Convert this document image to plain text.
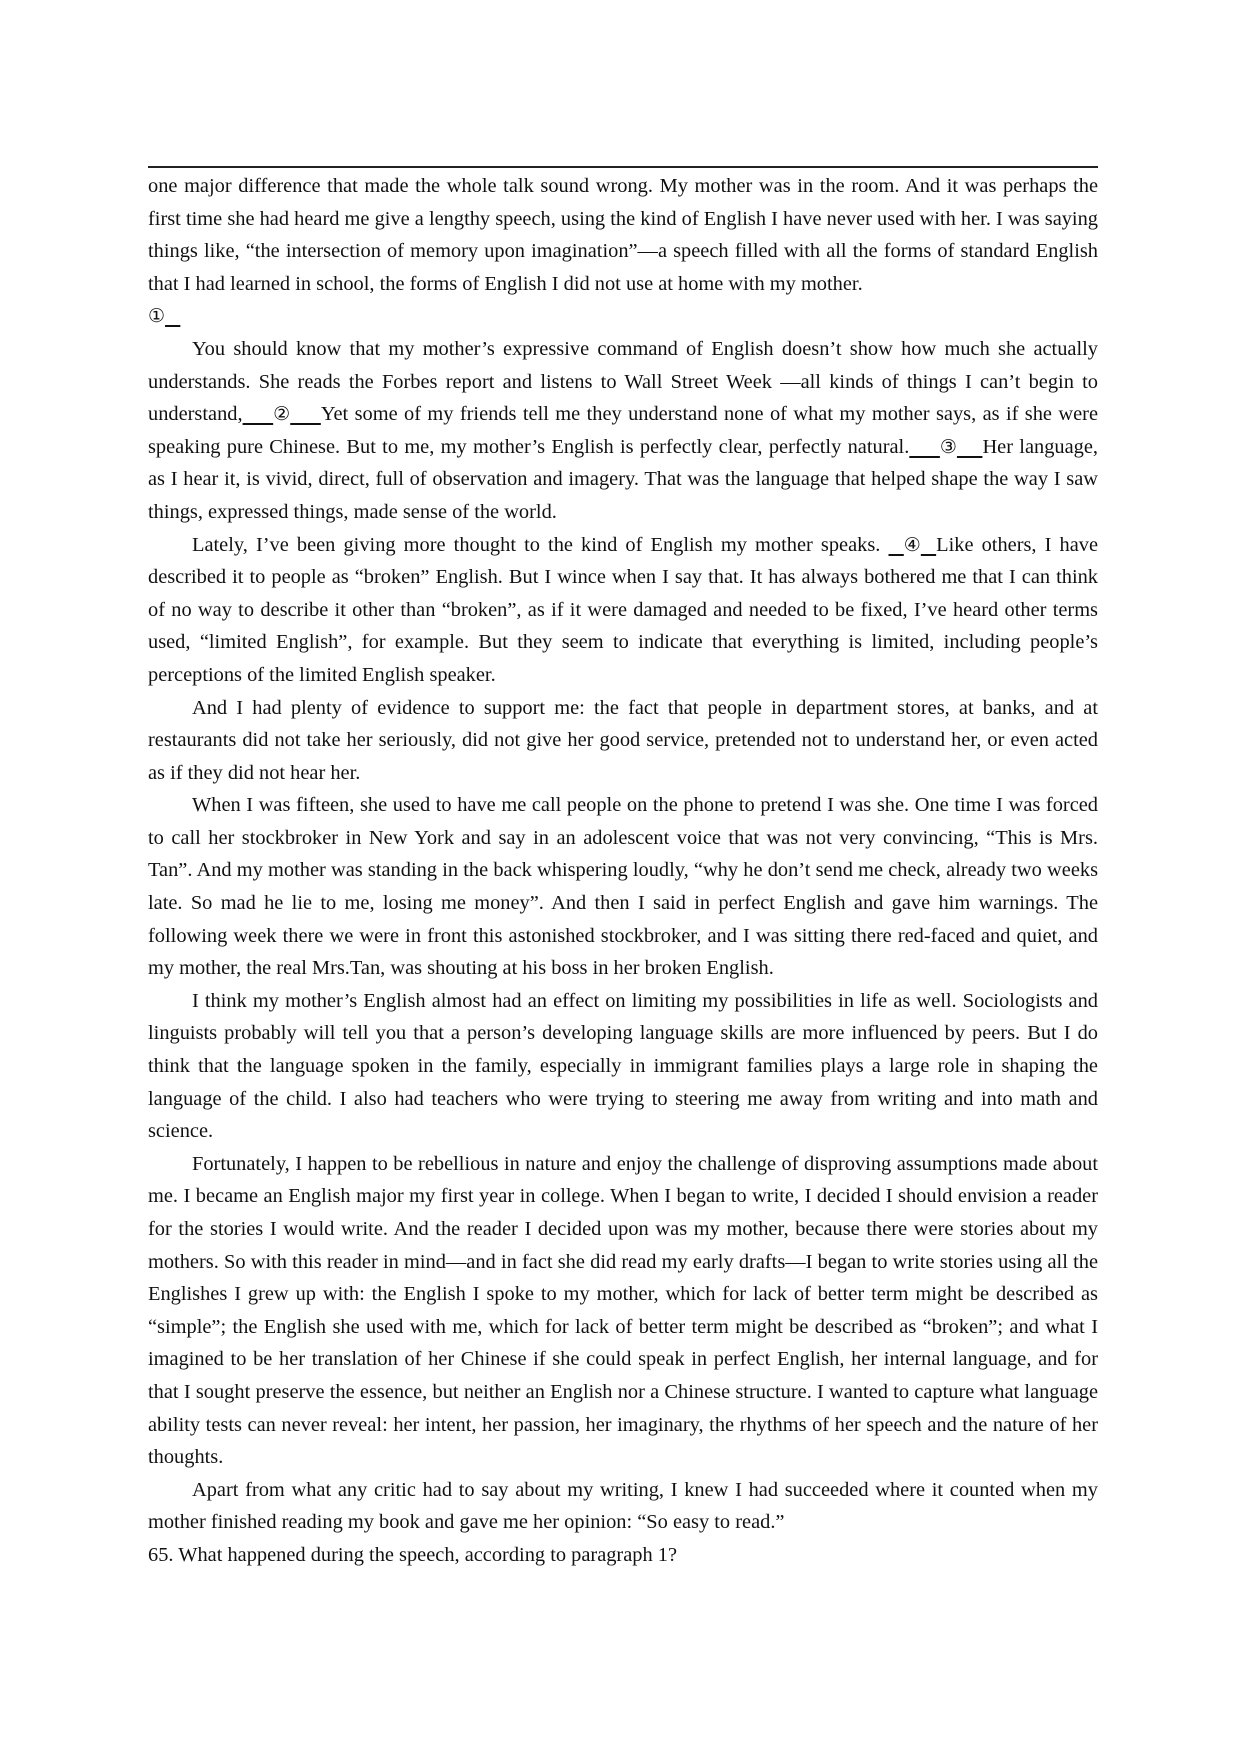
one major difference that made the whole talk sound wrong. My mother was in the room. And it was perhaps the first time she had heard me give a lengthy speech, using the kind of English I have never used with her. I was saying things like, “the intersection of memory upon imagination”—a speech filled with all the forms of standard English that I had learned in school, the forms of English I did not use at home with my mother.
①

You should know that my mother’s expressive command of English doesn’t show how much she actually understands. She reads the Forbes report and listens to Wall Street Week —all kinds of things I can’t begin to understand, ② Yet some of my friends tell me they understand none of what my mother says, as if she were speaking pure Chinese. But to me, my mother’s English is perfectly clear, perfectly natural. ③ Her language, as I hear it, is vivid, direct, full of observation and imagery. That was the language that helped shape the way I saw things, expressed things, made sense of the world.

Lately, I’ve been giving more thought to the kind of English my mother speaks. ④ Like others, I have described it to people as “broken” English. But I wince when I say that. It has always bothered me that I can think of no way to describe it other than “broken”, as if it were damaged and needed to be fixed, I’ve heard other terms used, “limited English”, for example. But they seem to indicate that everything is limited, including people’s perceptions of the limited English speaker.

And I had plenty of evidence to support me: the fact that people in department stores, at banks, and at restaurants did not take her seriously, did not give her good service, pretended not to understand her, or even acted as if they did not hear her.

When I was fifteen, she used to have me call people on the phone to pretend I was she. One time I was forced to call her stockbroker in New York and say in an adolescent voice that was not very convincing, “This is Mrs. Tan”. And my mother was standing in the back whispering loudly, “why he don’t send me check, already two weeks late. So mad he lie to me, losing me money”. And then I said in perfect English and gave him warnings. The following week there we were in front this astonished stockbroker, and I was sitting there red-faced and quiet, and my mother, the real Mrs.Tan, was shouting at his boss in her broken English.

I think my mother’s English almost had an effect on limiting my possibilities in life as well. Sociologists and linguists probably will tell you that a person’s developing language skills are more influenced by peers. But I do think that the language spoken in the family, especially in immigrant families plays a large role in shaping the language of the child. I also had teachers who were trying to steering me away from writing and into math and science.

Fortunately, I happen to be rebellious in nature and enjoy the challenge of disproving assumptions made about me. I became an English major my first year in college. When I began to write, I decided I should envision a reader for the stories I would write. And the reader I decided upon was my mother, because there were stories about my mothers. So with this reader in mind—and in fact she did read my early drafts—I began to write stories using all the Englishes I grew up with: the English I spoke to my mother, which for lack of better term might be described as “simple”; the English she used with me, which for lack of better term might be described as “broken”; and what I imagined to be her translation of her Chinese if she could speak in perfect English, her internal language, and for that I sought preserve the essence, but neither an English nor a Chinese structure. I wanted to capture what language ability tests can never reveal: her intent, her passion, her imaginary, the rhythms of her speech and the nature of her thoughts.

Apart from what any critic had to say about my writing, I knew I had succeeded where it counted when my mother finished reading my book and gave me her opinion: “So easy to read.”

65. What happened during the speech, according to paragraph 1?
